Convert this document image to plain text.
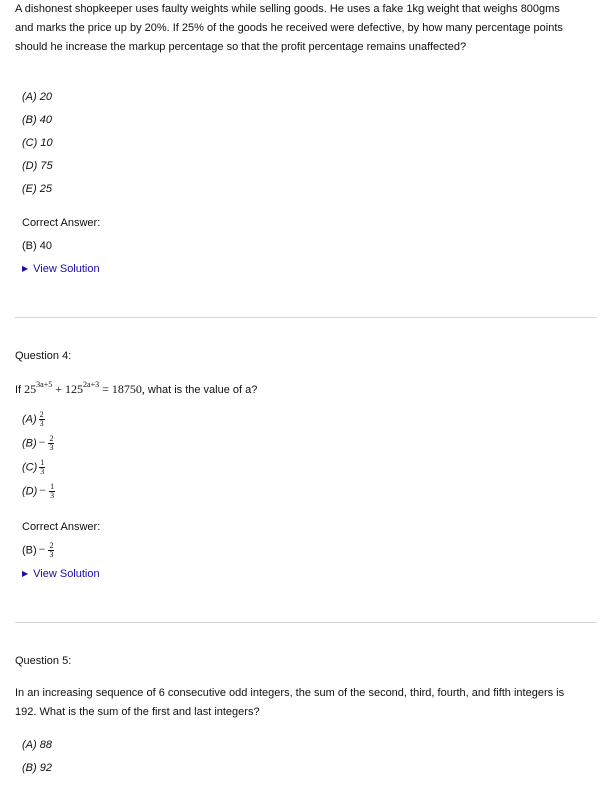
A dishonest shopkeeper uses faulty weights while selling goods. He uses a fake 1kg weight that weighs 800gms and marks the price up by 20%. If 25% of the goods he received were defective, by how many percentage points should he increase the markup percentage so that the profit percentage remains unaffected?
(A) 20
(B) 40
(C) 10
(D) 75
(E) 25
Correct Answer:
(B) 40
▶ View Solution
Question 4:
If $25^{3a+5} + 125^{2a+3} = 18750$, what is the value of a?
$(A) \frac{2}{3}$
$(B) - \frac{2}{3}$
$(C) \frac{1}{3}$
$(D) - \frac{1}{3}$
Correct Answer:
$(B) - \frac{2}{3}$
▶ View Solution
Question 5:
In an increasing sequence of 6 consecutive odd integers, the sum of the second, third, fourth, and fifth integers is 192. What is the sum of the first and last integers?
(A) 88
(B) 92
